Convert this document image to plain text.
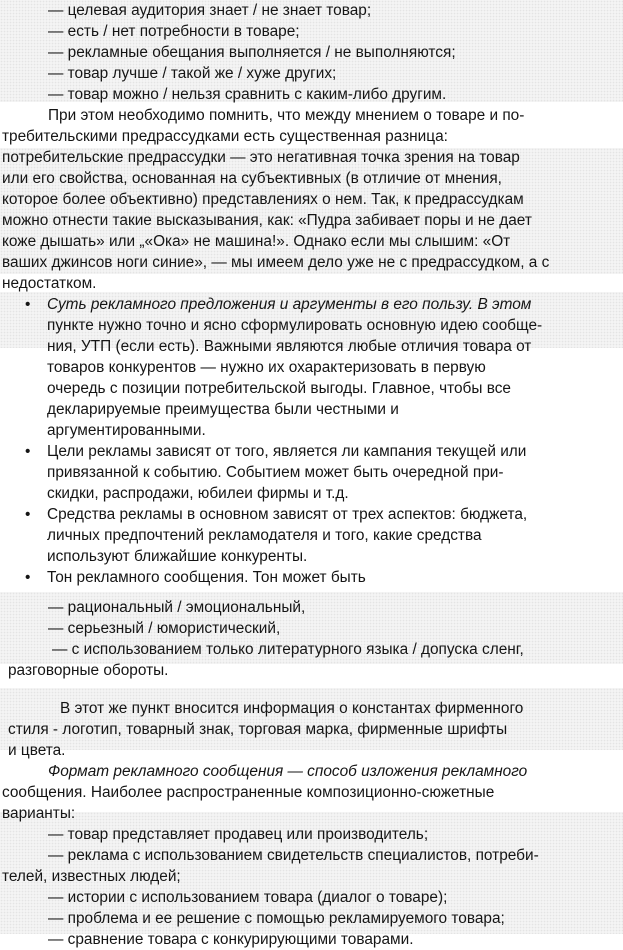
— целевая аудитория знает / не знает товар;
— есть / нет потребности в товаре;
— рекламные обещания выполняется / не выполняются;
— товар лучше / такой же / хуже других;
— товар можно / нельзя сравнить с каким-либо другим.
При этом необходимо помнить, что между мнением о товаре и по-
требительскими предрассудками есть существенная разница:
потребительские предрассудки — это негативная точка зрения на товар
или его свойства, основанная на субъективных (в отличие от мнения,
которое более объективно) представлениях о нем. Так, к предрассудкам
можно отнести такие высказывания, как: «Пудра забивает поры и не дает
коже дышать» или „«Ока» не машина!». Однако если мы слышим: «От
ваших джинсов ноги синие», — мы имеем дело уже не с предрассудком, а с
недостатком.
• Суть рекламного предложения и аргументы в его пользу. В этом
пункте нужно точно и ясно сформулировать основную идею сообще-
ния, УТП (если есть). Важными являются любые отличия товара от
товаров конкурентов — нужно их охарактеризовать в первую
очередь с позиции потребительской выгоды. Главное, чтобы все
декларируемые преимущества были честными и
аргументированными.
• Цели рекламы зависят от того, является ли кампания текущей или
привязанной к событию. Событием может быть очередной при-
скидки, распродажи, юбилеи фирмы и т.д.
• Средства рекламы в основном зависят от трех аспектов: бюджета,
личных предпочтений рекламодателя и того, какие средства
используют ближайшие конкуренты.
• Тон рекламного сообщения. Тон может быть
— рациональный / эмоциональный,
— серьезный / юмористический,
— с использованием только литературного языка / допуска сленг,
разговорные обороты.
В этот же пункт вносится информация о константах фирменного
стиля - логотип, товарный знак, торговая марка, фирменные шрифты
и цвета.
Формат рекламного сообщения — способ изложения рекламного
сообщения. Наиболее распространенные композиционно-сюжетные
варианты:
— товар представляет продавец или производитель;
— реклама с использованием свидетельств специалистов, потреби-
телей, известных людей;
— истории с использованием товара (диалог о товаре);
— проблема и ее решение с помощью рекламируемого товара;
— сравнение товара с конкурирующими товарами.
